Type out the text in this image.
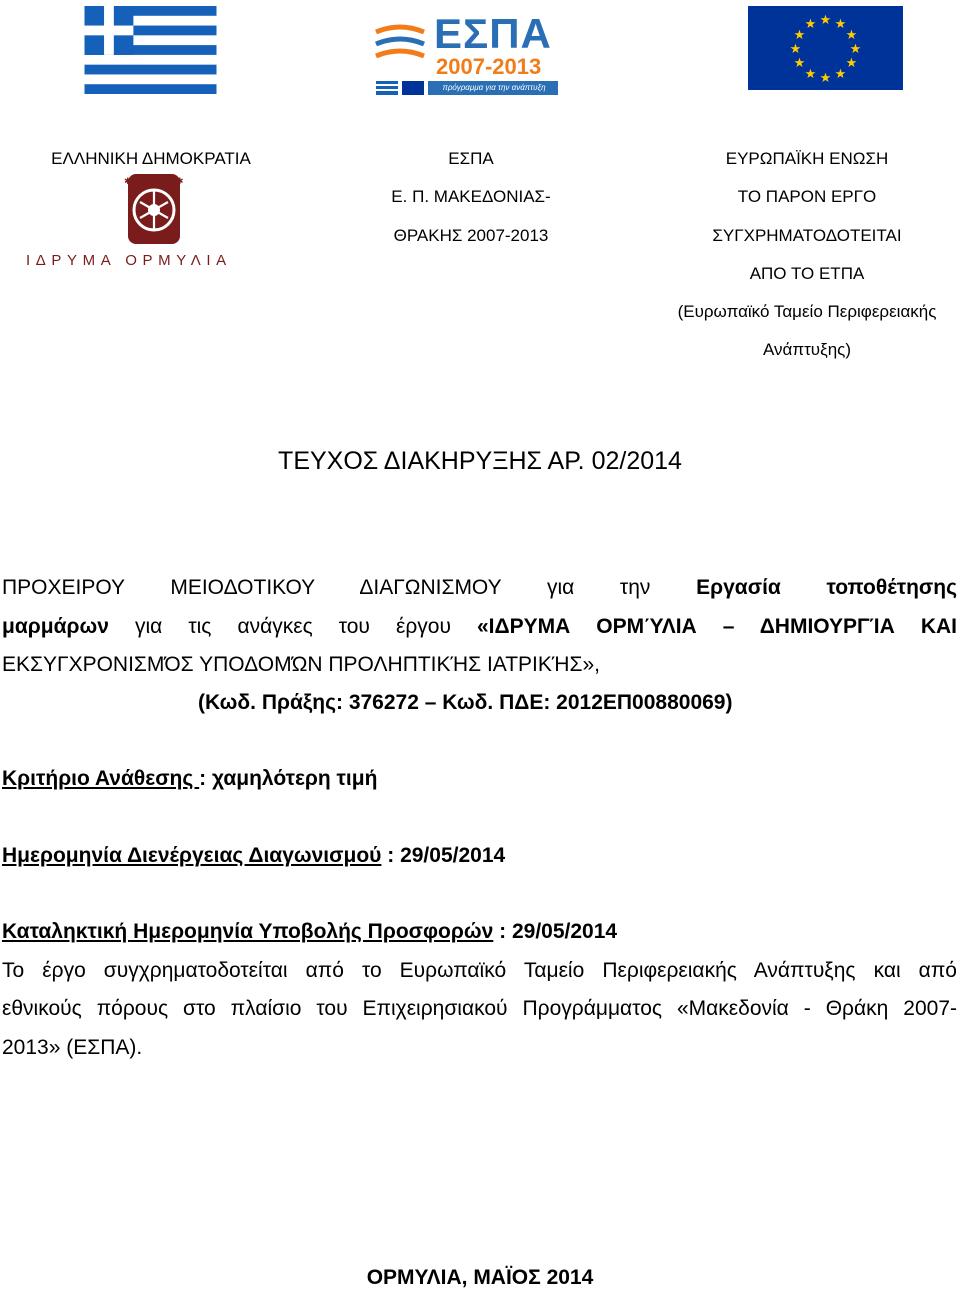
ΕΣΠΑ
2007-2013
πρόγραμμα για την ανάπτυξη
★ ★
★
★
★
★
★
★
★
★
★
★
ΕΛΛΗΝΙΚΗ ΔΗΜΟΚΡΑΤΙΑ	ΕΣΠΑ
Ε. Π. ΜΑΚΕΔΟΝΙΑΣ-
ΘΡΑΚΗΣ 2007-2013
ΕΥΡΩΠΑΪΚΗ ΕΝΩΣΗ
ΤΟ ΠΑΡΟΝ ΕΡΓΟ
ΣΥΓΧΡΗΜΑΤΟΔΟΤΕΙΤΑΙ
ΑΠΟ ΤΟ ΕΤΠΑ
(Ευρωπαϊκό Ταμείο Περιφερειακής
Ανάπτυξης)
✱	✱
ΙΔΡΥΜΑ ΟΡΜΥΛΙΑ
ΤΕΥΧΟΣ ΔΙΑΚΗΡΥΞΗΣ ΑΡ. 02/2014
ΠΡΟΧΕΙΡΟΥ ΜΕΙΟΔΟΤΙΚΟΥ ΔΙΑΓΩΝΙΣΜΟΥ για την Εργασία τοποθέτησης
μαρμάρων για τις ανάγκες του έργου «ΙΔΡΥΜΑ ΟΡΜΎΛΙΑ – ΔΗΜΙΟΥΡΓΊΑ ΚΑΙ
ΕΚΣΥΓΧΡΟΝΙΣΜΌΣ ΥΠΟΔΟΜΏΝ ΠΡΟΛΗΠΤΙΚΉΣ ΙΑΤΡΙΚΉΣ»,
(Κωδ. Πράξης: 376272 – Κωδ. ΠΔΕ: 2012ΕΠ00880069)
Κριτήριο Ανάθεσης : χαμηλότερη τιμή
Ημερομηνία Διενέργειας Διαγωνισμού : 29/05/2014
Καταληκτική Ημερομηνία Υποβολής Προσφορών : 29/05/2014
Το έργο συγχρηματοδοτείται από το Ευρωπαϊκό Ταμείο Περιφερειακής Ανάπτυξης και από
εθνικούς πόρους στο πλαίσιο του Επιχειρησιακού Προγράμματος «Μακεδονία - Θράκη 2007-
2013» (ΕΣΠΑ).
ΟΡΜΥΛΙΑ, ΜΑΪΟΣ 2014
